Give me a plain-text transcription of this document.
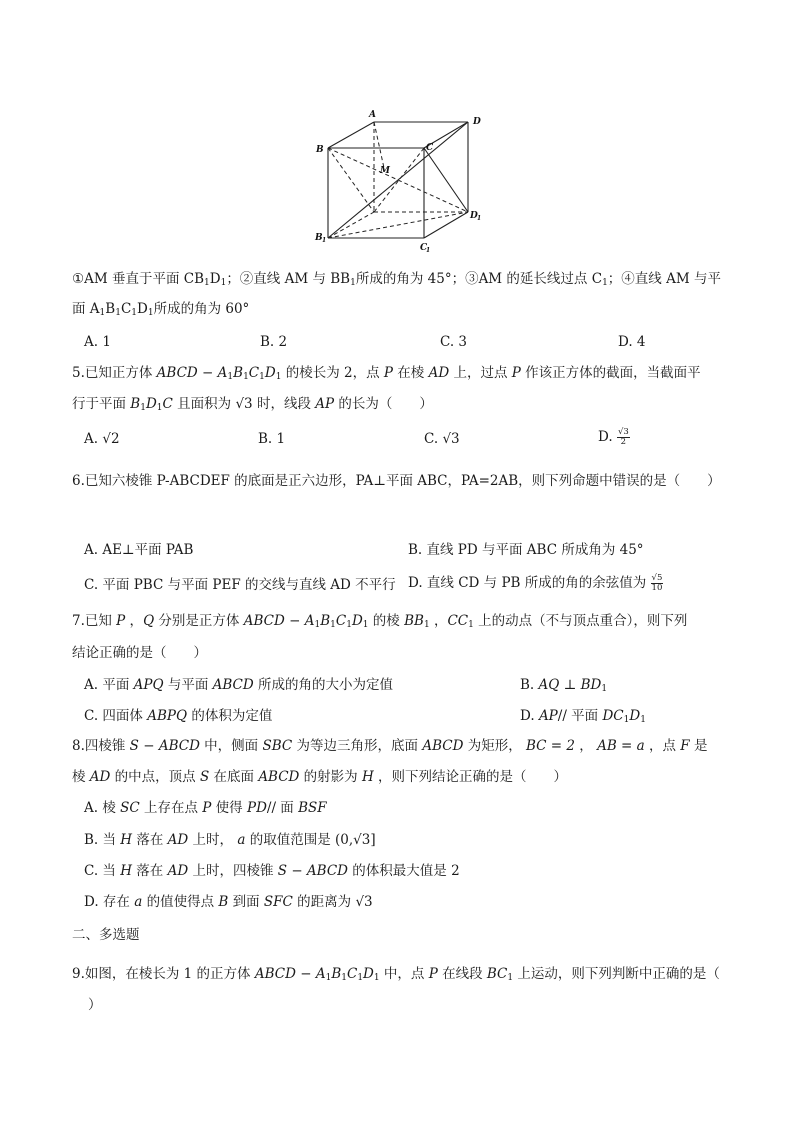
A
B	C
D
M
B
C
D
1
1
1
①AM 垂直于平面 $CB_1D_1$；②直线 AM 与 $BB_1$所成的角为 45°；③AM 的延长线过点 $C_1$；④直线 AM 与平
面 $A_1B_1C_1D_1$所成的角为 60°
A. 1	B. 2	C. 3	D. 4
5.已知正方体 ABCD − $A_1B_1C_1D_1$ 的棱长为 2，点 P 在棱 AD 上，过点 P 作该正方体的截面，当截面平
行于平面 $B_1D_1C$ 且面积为 √3 时，线段 AP 的长为（　　）
A. √2	B. 1	C. √3	D. $\frac{√3}{2}$
6.已知六棱锥 P-ABCDEF 的底面是正六边形，PA⊥平面 ABC，PA=2AB，则下列命题中错误的是（　　）
A. AE⊥平面 PAB	B. 直线 PD 与平面 ABC 所成角为 45°
C. 平面 PBC 与平面 PEF 的交线与直线 AD 不平行 D. 直线 CD 与 PB 所成的角的余弦值为 $\frac{√5}{10}$
7.已知 P ，Q 分别是正方体 ABCD − $A_1B_1C_1D_1$ 的棱 $BB_1$ ，$CC_1$ 上的动点（不与顶点重合），则下列
结论正确的是（　　）
A. 平面 APQ 与平面 ABCD 所成的角的大小为定值	B. AQ ⊥ $BD_1$
C. 四面体 ABPQ 的体积为定值	D. AP// 平面 $DC_1D_1$
8.四棱锥 S − ABCD 中，侧面 SBC 为等边三角形，底面 ABCD 为矩形， BC = 2 ， AB = a ，点 F 是
棱 AD 的中点，顶点 S 在底面 ABCD 的射影为 H ，则下列结论正确的是（　　）
A. 棱 SC 上存在点 P 使得 PD// 面 BSF
B. 当 H 落在 AD 上时， a 的取值范围是 (0,√3]
C. 当 H 落在 AD 上时，四棱锥 S − ABCD 的体积最大值是 2
D. 存在 a 的值使得点 B 到面 SFC 的距离为 √3
二、多选题
9.如图，在棱长为 1 的正方体 ABCD − $A_1B_1C_1D_1$ 中，点 P 在线段 $BC_1$ 上运动，则下列判断中正确的是（
）
